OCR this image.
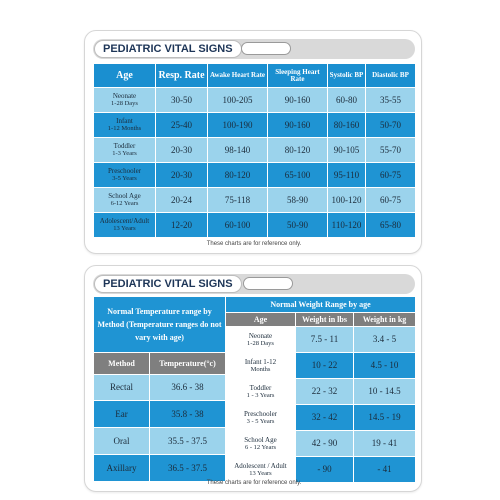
PEDIATRIC VITAL SIGNS
Age	Resp. Rate	Awake Heart Rate	Sleeping Heart Rate	Systolic BP	Diastolic BP
Neonate
1-28 Days	30-50	100-205	90-160	60-80	35-55
Infant
1-12 Months	25-40	100-190	90-160	80-160	50-70
Toddler
1-3 Years	20-30	98-140	80-120	90-105	55-70
Preschooler
3-5 Years	20-30	80-120	65-100	95-110	60-75
School Age
6-12 Years	20-24	75-118	58-90	100-120	60-75
Adolescent/Adult
13 Years	12-20	60-100	50-90	110-120	65-80
These charts are for reference only.
PEDIATRIC VITAL SIGNS
Normal Temperature range by Method (Temperature ranges do not vary with age)	
Method	Temperature(°c)
Rectal	36.6 - 38
Ear	35.8 - 38
Oral	35.5 - 37.5
Axillary	36.5 - 37.5
Normal Weight Range by age		
Age	Weight in lbs	Weight in kg
Neonate
1-28 Days	7.5 - 11	3.4 - 5
Infant 1-12
Months	10 - 22	4.5 - 10
Toddler
1 - 3 Years	22 - 32	10 - 14.5
Preschooler
3 - 5 Years	32 - 42	14.5 - 19
School Age
6 - 12 Years	42 - 90	19 - 41
Adolescent / Adult
13 Years	- 90	- 41
These charts are for reference only.
